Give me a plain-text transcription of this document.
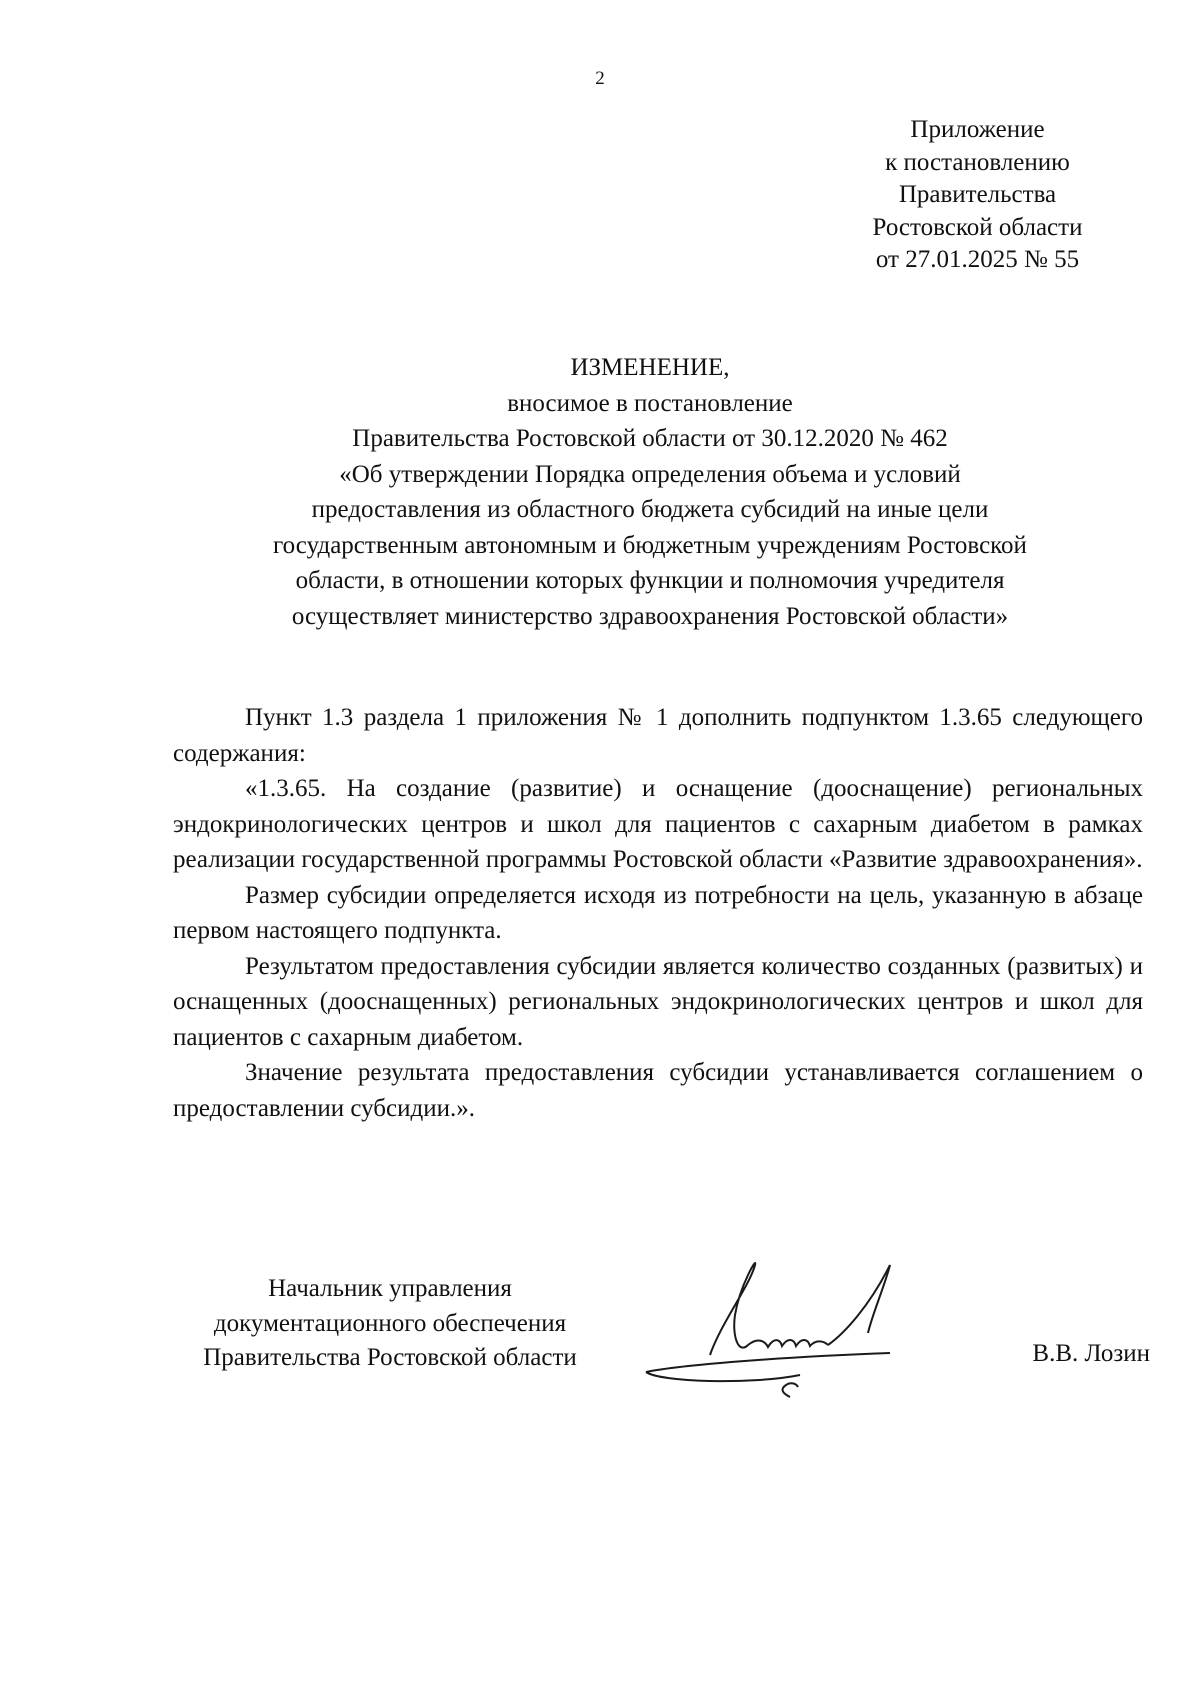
2
Приложение
к постановлению
Правительства
Ростовской области
от 27.01.2025 № 55
ИЗМЕНЕНИЕ,
вносимое в постановление
Правительства Ростовской области от 30.12.2020 № 462
«Об утверждении Порядка определения объема и условий
предоставления из областного бюджета субсидий на иные цели
государственным автономным и бюджетным учреждениям Ростовской
области, в отношении которых функции и полномочия учредителя
осуществляет министерство здравоохранения Ростовской области»
Пункт 1.3 раздела 1 приложения № 1 дополнить подпунктом 1.3.65 следующего содержания:
«1.3.65. На создание (развитие) и оснащение (дооснащение) региональных эндокринологических центров и школ для пациентов с сахарным диабетом в рамках реализации государственной программы Ростовской области «Развитие здравоохранения».
Размер субсидии определяется исходя из потребности на цель, указанную в абзаце первом настоящего подпункта.
Результатом предоставления субсидии является количество созданных (развитых) и оснащенных (дооснащенных) региональных эндокринологических центров и школ для пациентов с сахарным диабетом.
Значение результата предоставления субсидии устанавливается соглашением о предоставлении субсидии.».
Начальник управления
документационного обеспечения
Правительства Ростовской области	В.В. Лозин
